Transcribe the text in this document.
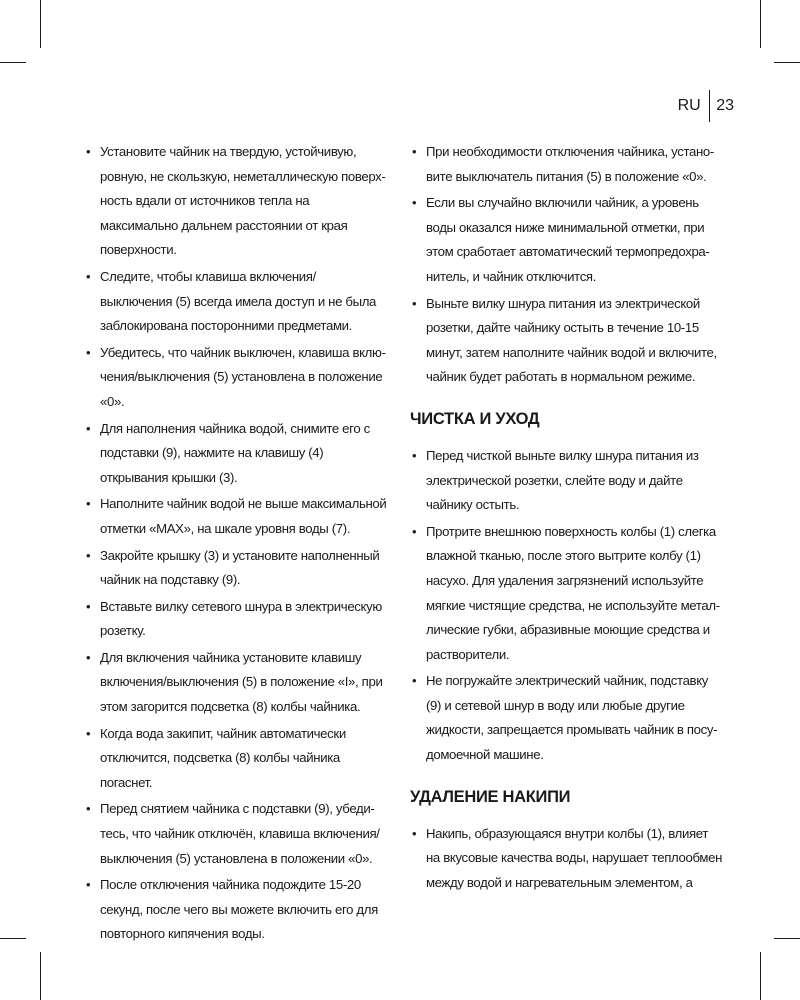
RU 23
• Установите чайник на твердую, устойчивую, ровную, не скользкую, неметаллическую поверхность вдали от источников тепла на максимально дальнем расстоянии от края поверхности.
• Следите, чтобы клавиша включения/выключения (5) всегда имела доступ и не была заблокирована посторонними предметами.
• Убедитесь, что чайник выключен, клавиша включения/выключения (5) установлена в положение «0».
• Для наполнения чайника водой, снимите его с подставки (9), нажмите на клавишу (4) открывания крышки (3).
• Наполните чайник водой не выше максимальной отметки «MAX», на шкале уровня воды (7).
• Закройте крышку (3) и установите наполненный чайник на подставку (9).
• Вставьте вилку сетевого шнура в электрическую розетку.
• Для включения чайника установите клавишу включения/выключения (5) в положение «I», при этом загорится подсветка (8) колбы чайника.
• Когда вода закипит, чайник автоматически отключится, подсветка (8) колбы чайника погаснет.
• Перед снятием чайника с подставки (9), убедитесь, что чайник отключён, клавиша включения/выключения (5) установлена в положении «0».
• После отключения чайника подождите 15-20 секунд, после чего вы можете включить его для повторного кипячения воды.
• При необходимости отключения чайника, установите выключатель питания (5) в положение «0».
• Если вы случайно включили чайник, а уровень воды оказался ниже минимальной отметки, при этом сработает автоматический термопредохранитель, и чайник отключится.
• Выньте вилку шнура питания из электрической розетки, дайте чайнику остыть в течение 10-15 минут, затем наполните чайник водой и включите, чайник будет работать в нормальном режиме.
ЧИСТКА И УХОД
• Перед чисткой выньте вилку шнура питания из электрической розетки, слейте воду и дайте чайнику остыть.
• Протрите внешнюю поверхность колбы (1) слегка влажной тканью, после этого вытрите колбу (1) насухо. Для удаления загрязнений используйте мягкие чистящие средства, не используйте металлические губки, абразивные моющие средства и растворители.
• Не погружайте электрический чайник, подставку (9) и сетевой шнур в воду или любые другие жидкости, запрещается промывать чайник в посудомоечной машине.
УДАЛЕНИЕ НАКИПИ
• Накипь, образующаяся внутри колбы (1), влияет на вкусовые качества воды, нарушает теплообмен между водой и нагревательным элементом, а
